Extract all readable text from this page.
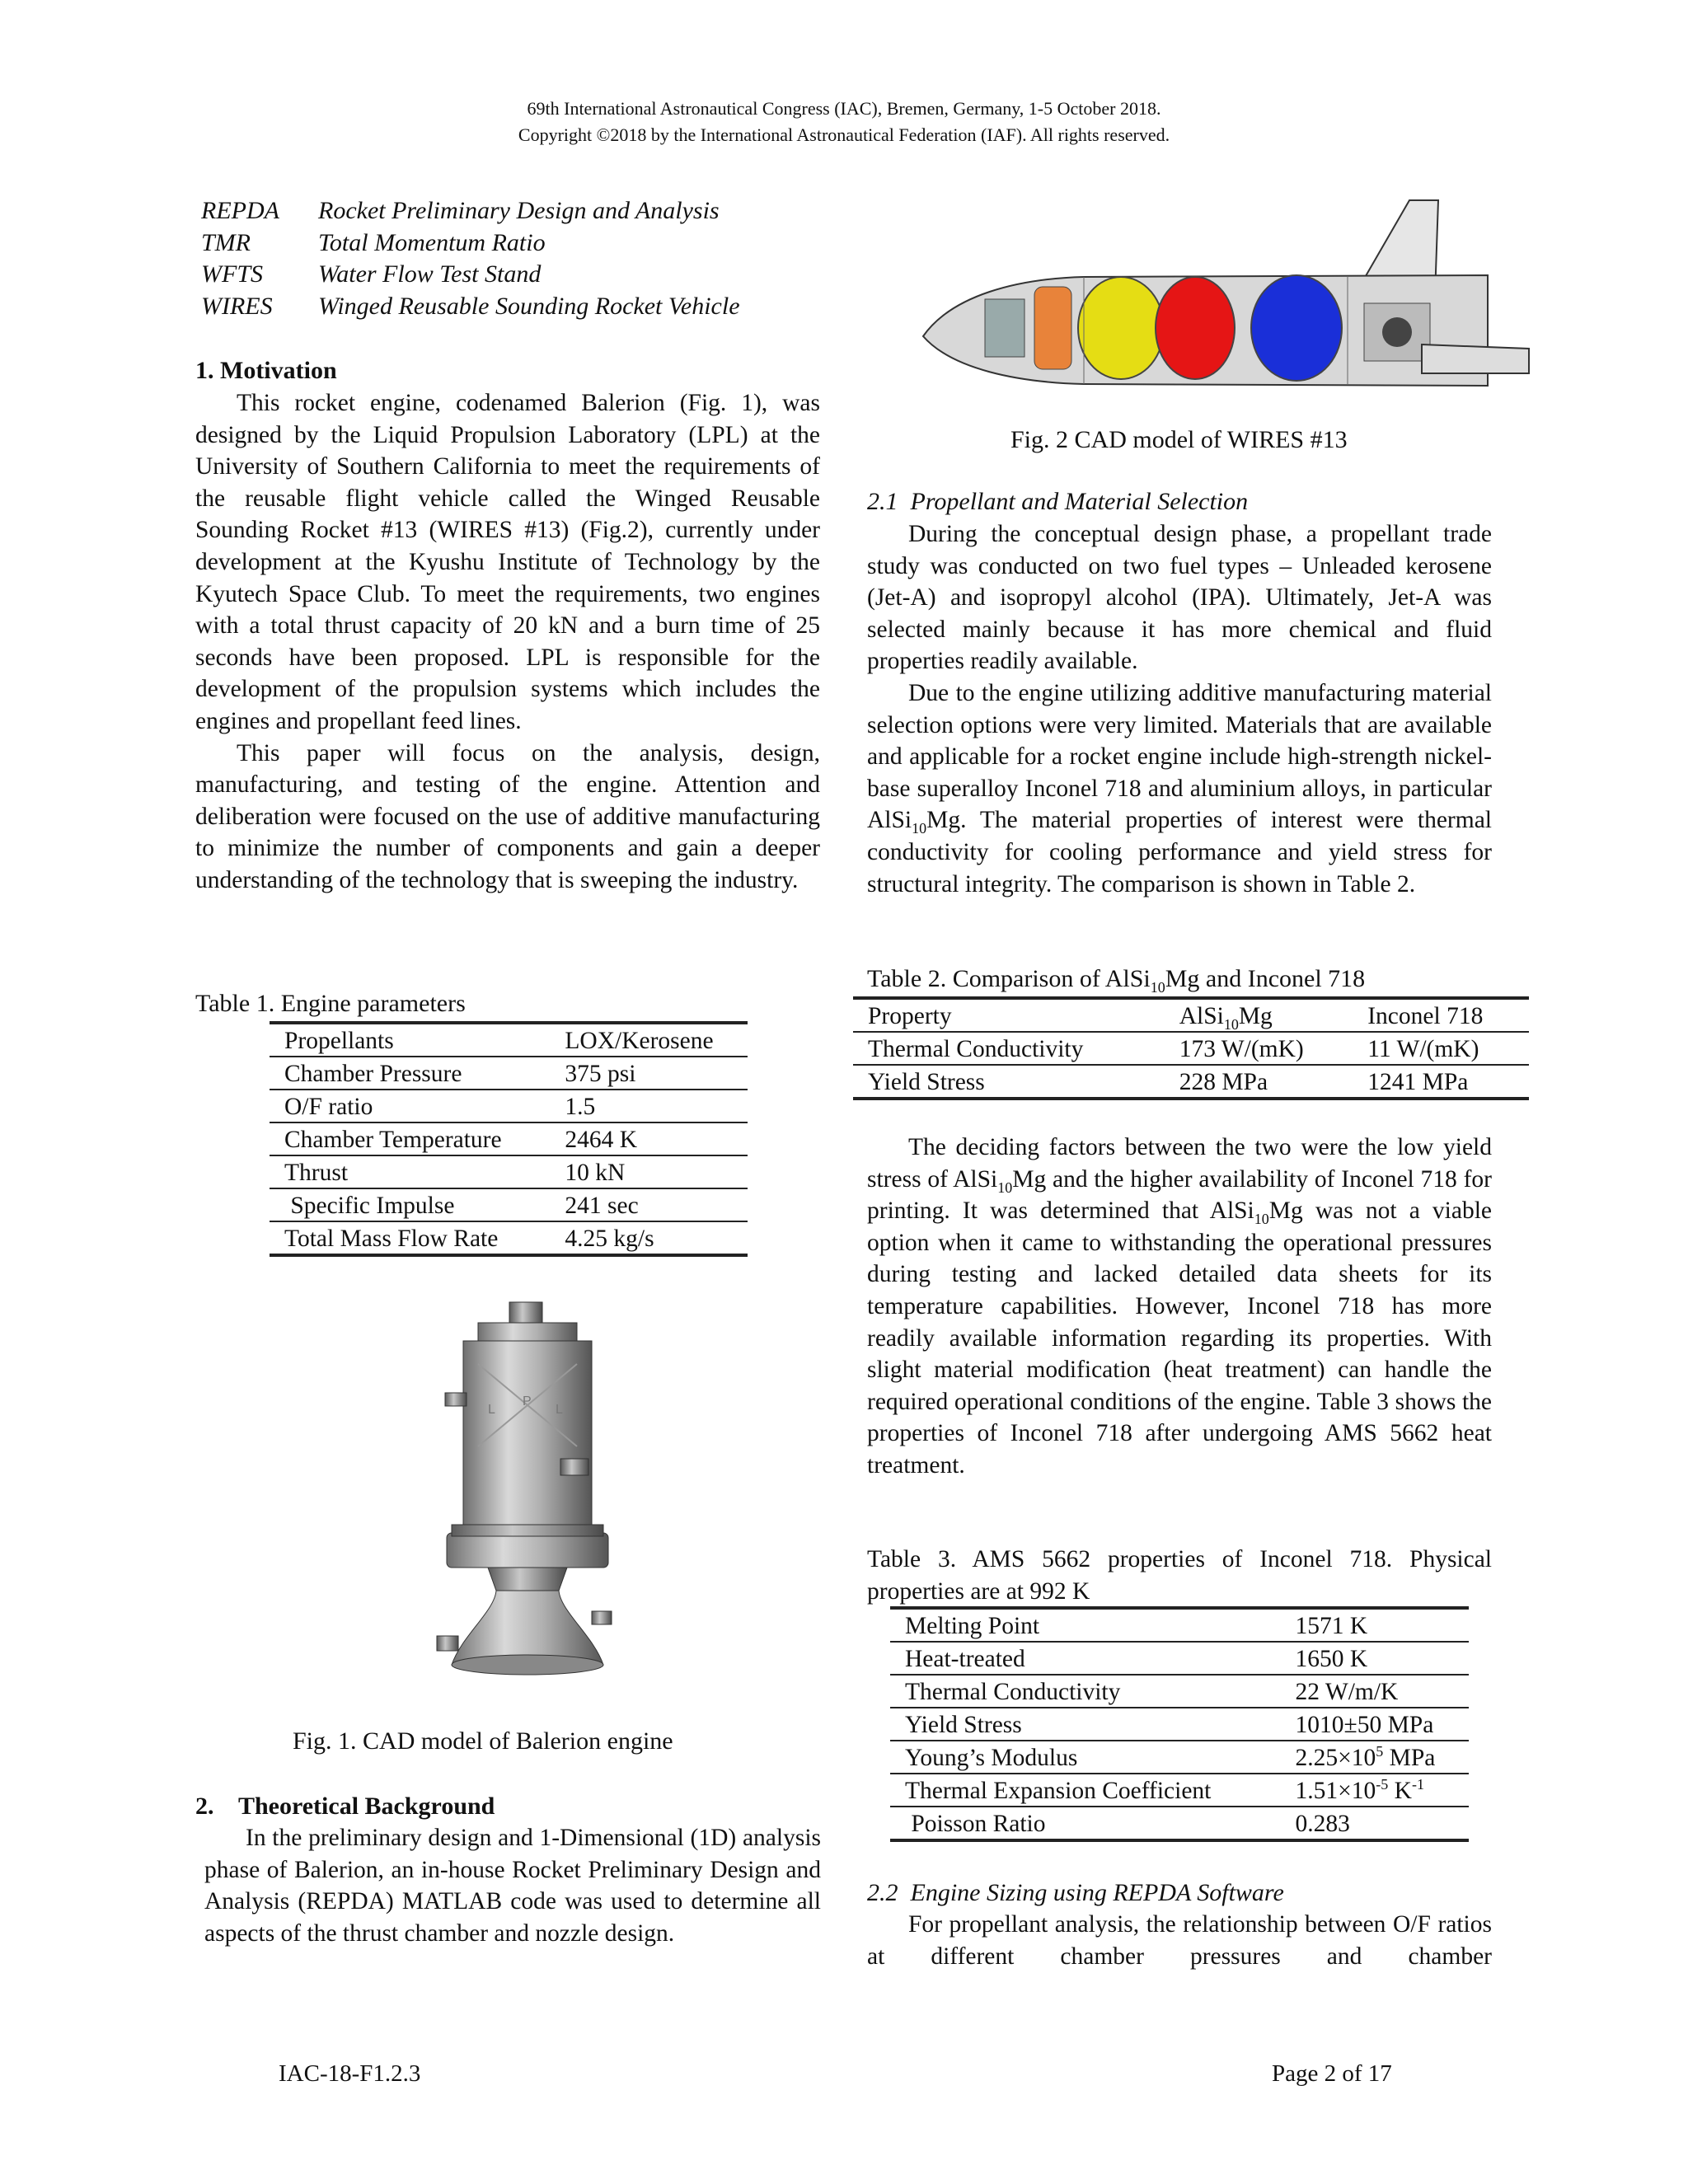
69th International Astronautical Congress (IAC), Bremen, Germany, 1-5 October 2018.
Copyright ©2018 by the International Astronautical Federation (IAF). All rights reserved.
REPDA	Rocket Preliminary Design and Analysis
TMR	Total Momentum Ratio
WFTS	Water Flow Test Stand
WIRES	Winged Reusable Sounding Rocket Vehicle
1. Motivation

This rocket engine, codenamed Balerion (Fig. 1), was designed by the Liquid Propulsion Laboratory (LPL) at the University of Southern California to meet the requirements of the reusable flight vehicle called the Winged Reusable Sounding Rocket #13 (WIRES #13) (Fig.2), currently under development at the Kyushu Institute of Technology by the Kyutech Space Club. To meet the requirements, two engines with a total thrust capacity of 20 kN and a burn time of 25 seconds have been proposed. LPL is responsible for the development of the propulsion systems which includes the engines and propellant feed lines.

This paper will focus on the analysis, design, manufacturing, and testing of the engine. Attention and deliberation were focused on the use of additive manufacturing to minimize the number of components and gain a deeper understanding of the technology that is sweeping the industry.

Table 1. Engine parameters
Propellants	LOX/Kerosene
Chamber Pressure	375 psi
O/F ratio	1.5
Chamber Temperature	2464 K
Thrust	10 kN
Specific Impulse	241 sec
Total Mass Flow Rate	4.25 kg/s
L
P
L
Fig. 1. CAD model of Balerion engine
2.    Theoretical Background

In the preliminary design and 1-Dimensional (1D) analysis phase of Balerion, an in-house Rocket Preliminary Design and Analysis (REPDA) MATLAB code was used to determine all aspects of the thrust chamber and nozzle design.

Fig. 2 CAD model of WIRES #13
2.1  Propellant and Material Selection

During the conceptual design phase, a propellant trade study was conducted on two fuel types – Unleaded kerosene (Jet-A) and isopropyl alcohol (IPA). Ultimately, Jet-A was selected mainly because it has more chemical and fluid properties readily available.

Due to the engine utilizing additive manufacturing material selection options were very limited. Materials that are available and applicable for a rocket engine include high-strength nickel-base superalloy Inconel 718 and aluminium alloys, in particular AlSi$_{10}$Mg. The material properties of interest were thermal conductivity for cooling performance and yield stress for structural integrity. The comparison is shown in Table 2.

Table 2. Comparison of AlSi$_{10}$Mg and Inconel 718
Property	AlSi$_{10}$Mg	Inconel 718
Thermal Conductivity	173 W/(mK)	11 W/(mK)
Yield Stress	228 MPa	1241 MPa

The deciding factors between the two were the low yield stress of AlSi$_{10}$Mg and the higher availability of Inconel 718 for printing. It was determined that AlSi$_{10}$Mg was not a viable option when it came to withstanding the operational pressures during testing and lacked detailed data sheets for its temperature capabilities. However, Inconel 718 has more readily available information regarding its properties. With slight material modification (heat treatment) can handle the required operational conditions of the engine. Table 3 shows the properties of Inconel 718 after undergoing AMS 5662 heat treatment.

Table 3. AMS 5662 properties of Inconel 718. Physical properties are at 992 K

Melting Point	1571 K
Heat-treated	1650 K
Thermal Conductivity	22 W/m/K
Yield Stress	1010±50 MPa
Young’s Modulus	$2.25\times 10^5$ MPa
Thermal Expansion Coefficient	$1.51\times 10^{-5}$ $K^{-1}$
Poisson Ratio	0.283
2.2  Engine Sizing using REPDA Software

For propellant analysis, the relationship between O/F ratios at different chamber pressures and chamber

IAC-18-F1.2.3	Page 2 of 17
